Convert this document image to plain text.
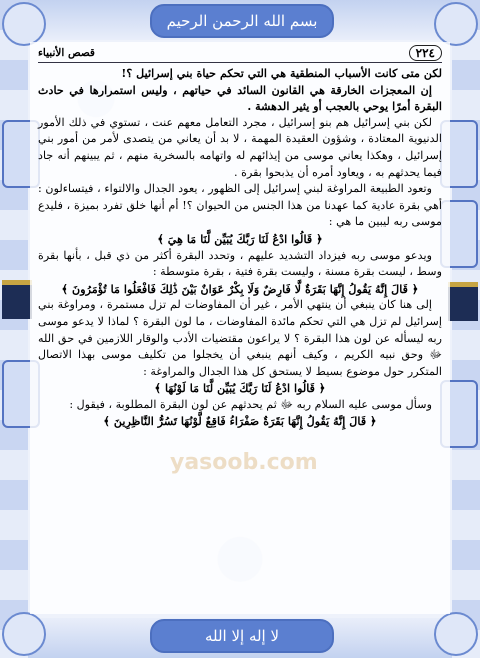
بسم الله الرحمن الرحيم
لا إله إلا الله
٢٢٤
قصص الأنبياء

لكن متى كانت الأسباب المنطقية هي التي تحكم حياة بني إسرائيل ؟!

إن المعجزات الخارقة هي القانون السائد في حياتهم ، وليس استمرارها في حادث البقرة أمرًا يوحي بالعجب أو يثير الدهشة .

لكن بني إسرائيل هم بنو إسرائيل ، مجرد التعامل معهم عنت ، تستوي في ذلك الأمور الدنيوية المعتادة ، وشؤون العقيدة المهمة ، لا بد أن يعاني من يتصدى لأمر من أمور بني إسرائيل ، وهكذا يعاني موسى من إيذائهم له واتهامه بالسخرية منهم ، ثم يبينهم أنه جاد فيما يحدثهم به ، ويعاود أمره أن يذبحوا بقرة .

وتعود الطبيعة المراوغة لبني إسرائيل إلى الظهور ، يعود الجدال والالتواء ، فيتساءلون : أهي بقرة عادية كما عهدنا من هذا الجنس من الحيوان ؟! أم أنها خلق تفرد بميزة ، فليدع موسى ربه ليبين ما هي :

﴿ قَالُوا ادْعُ لَنَا رَبَّكَ يُبَيِّن لَّنَا مَا هِيَ ﴾

ويدعو موسى ربه فيزداد التشديد عليهم ، وتحدد البقرة أكثر من ذي قبل ، بأنها بقرة وسط ، ليست بقرة مسنة ، وليست بقرة فتية ، بقرة متوسطة :

﴿ قَالَ إِنَّهُ يَقُولُ إِنَّهَا بَقَرَةٌ لَّا فَارِضٌ وَلَا بِكْرٌ عَوَانٌ بَيْنَ ذَٰلِكَ فَافْعَلُوا مَا تُؤْمَرُونَ ﴾

إلى هنا كان ينبغي أن ينتهي الأمر ، غير أن المفاوضات لم تزل مستمرة ، ومراوغة بني إسرائيل لم تزل هي التي تحكم مائدة المفاوضات ، ما لون البقرة ؟ لماذا لا يدعو موسى ربه ليسأله عن لون هذا البقرة ؟ لا يراعون مقتضيات الأدب والوقار اللازمين في حق الله ﷻ وحق نبيه الكريم ، وكيف أنهم ينبغي أن يخجلوا من تكليف موسى بهذا الاتصال المتكرر حول موضوع بسيط لا يستحق كل هذا الجدال والمراوغة :

﴿ قَالُوا ادْعُ لَنَا رَبَّكَ يُبَيِّن لَّنَا مَا لَوْنُهَا ﴾

وسأل موسى عليه السلام ربه ﷻ ثم يحدثهم عن لون البقرة المطلوبة ، فيقول :

﴿ قَالَ إِنَّهُ يَقُولُ إِنَّهَا بَقَرَةٌ صَفْرَاءُ فَاقِعٌ لَّوْنُهَا تَسُرُّ النَّاظِرِينَ ﴾

yasoob.com
